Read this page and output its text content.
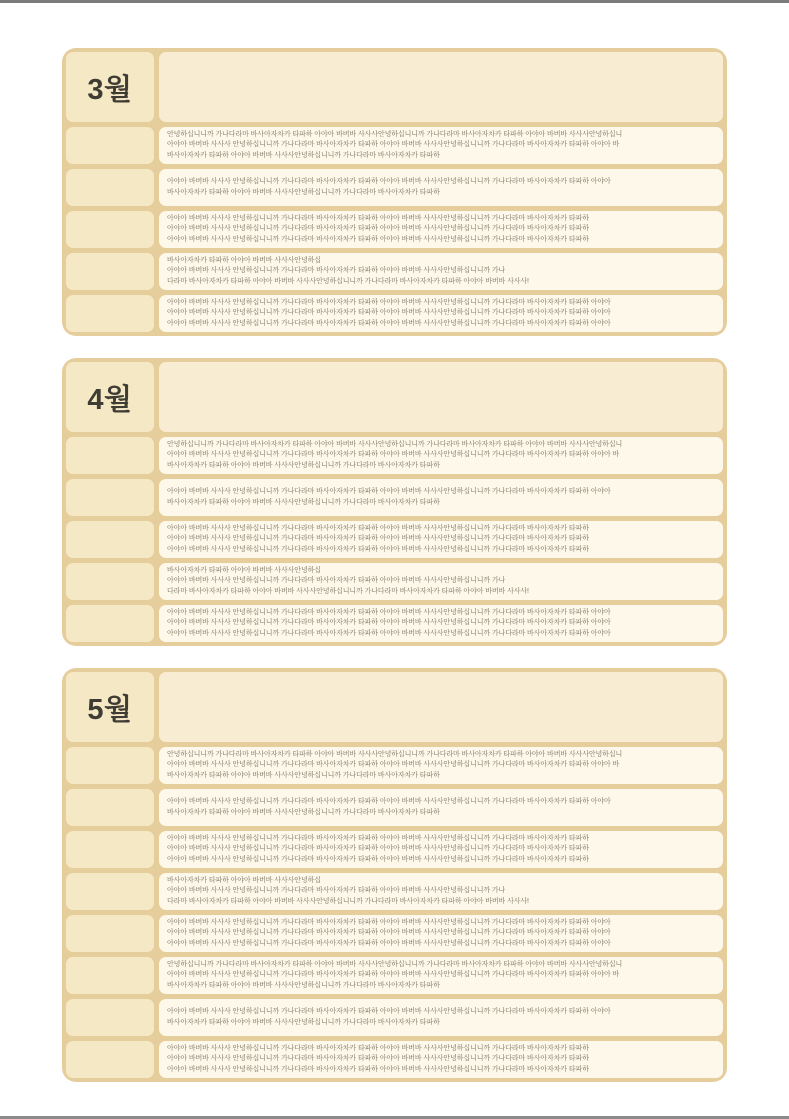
3월
안녕하십니니까 가나다라마 바사아자차카 타파하 아야아 바버바 사사사안녕하십니니까 가나다라마 바사아자차카 타파하 아야아 바버바 사사사안녕하십니
아야아 바버바 사사사 안녕하십니니까 가나다라마 바사아자차카 타파하 아야아 바버바 사사사안녕하십니니까 가나다라마 바사아자차카 타파하 아야아 바
바사아자차카 타파하 아야아 바버바 사사사안녕하십니니까 가나다라마 바사아자차카 타파하
아야아 바버바 사사사 안녕하십니니까 가나다라마 바사아자차카 타파하 아야아 바버바 사사사안녕하십니니까 가나다라마 바사아자차카 타파하 아야아
바사아자차카 타파하 아야아 바버바 사사사안녕하십니니까 가나다라마 바사아자차카 타파하
아야아 바버바 사사사 안녕하십니니까 가나다라마 바사아자차카 타파하 아야아 바버바 사사사안녕하십니니까 가나다라마 바사아자차카 타파하
아야아 바버바 사사사 안녕하십니니까 가나다라마 바사아자차카 타파하 아야아 바버바 사사사안녕하십니니까 가나다라마 바사아자차카 타파하
아야아 바버바 사사사 안녕하십니니까 가나다라마 바사아자차카 타파하 아야아 바버바 사사사안녕하십니니까 가나다라마 바사아자차카 타파하
바사아자차카 타파하 아야아 바버바 사사사안녕하십
아야아 바버바 사사사 안녕하십니니까 가나다라마 바사아자차카 타파하 아야아 바버바 사사사안녕하십니니까 가나
다라마 바사아자차카 타파하 아야아 바버바 사사사안녕하십니니까 가나다라마 바사아자차카 타파하 아야아 바버바 사사사!
아야아 바버바 사사사 안녕하십니니까 가나다라마 바사아자차카 타파하 아야아 바버바 사사사안녕하십니니까 가나다라마 바사아자차카 타파하 아야아
아야아 바버바 사사사 안녕하십니니까 가나다라마 바사아자차카 타파하 아야아 바버바 사사사안녕하십니니까 가나다라마 바사아자차카 타파하 아야아
아야아 바버바 사사사 안녕하십니니까 가나다라마 바사아자차카 타파하 아야아 바버바 사사사안녕하십니니까 가나다라마 바사아자차카 타파하 아야아
4월
안녕하십니니까 가나다라마 바사아자차카 타파하 아야아 바버바 사사사안녕하십니니까 가나다라마 바사아자차카 타파하 아야아 바버바 사사사안녕하십니
아야아 바버바 사사사 안녕하십니니까 가나다라마 바사아자차카 타파하 아야아 바버바 사사사안녕하십니니까 가나다라마 바사아자차카 타파하 아야아 바
바사아자차카 타파하 아야아 바버바 사사사안녕하십니니까 가나다라마 바사아자차카 타파하
아야아 바버바 사사사 안녕하십니니까 가나다라마 바사아자차카 타파하 아야아 바버바 사사사안녕하십니니까 가나다라마 바사아자차카 타파하 아야아
바사아자차카 타파하 아야아 바버바 사사사안녕하십니니까 가나다라마 바사아자차카 타파하
아야아 바버바 사사사 안녕하십니니까 가나다라마 바사아자차카 타파하 아야아 바버바 사사사안녕하십니니까 가나다라마 바사아자차카 타파하
아야아 바버바 사사사 안녕하십니니까 가나다라마 바사아자차카 타파하 아야아 바버바 사사사안녕하십니니까 가나다라마 바사아자차카 타파하
아야아 바버바 사사사 안녕하십니니까 가나다라마 바사아자차카 타파하 아야아 바버바 사사사안녕하십니니까 가나다라마 바사아자차카 타파하
바사아자차카 타파하 아야아 바버바 사사사안녕하십
아야아 바버바 사사사 안녕하십니니까 가나다라마 바사아자차카 타파하 아야아 바버바 사사사안녕하십니니까 가나
다라마 바사아자차카 타파하 아야아 바버바 사사사안녕하십니니까 가나다라마 바사아자차카 타파하 아야아 바버바 사사사!
아야아 바버바 사사사 안녕하십니니까 가나다라마 바사아자차카 타파하 아야아 바버바 사사사안녕하십니니까 가나다라마 바사아자차카 타파하 아야아
아야아 바버바 사사사 안녕하십니니까 가나다라마 바사아자차카 타파하 아야아 바버바 사사사안녕하십니니까 가나다라마 바사아자차카 타파하 아야아
아야아 바버바 사사사 안녕하십니니까 가나다라마 바사아자차카 타파하 아야아 바버바 사사사안녕하십니니까 가나다라마 바사아자차카 타파하 아야아
5월
안녕하십니니까 가나다라마 바사아자차카 타파하 아야아 바버바 사사사안녕하십니니까 가나다라마 바사아자차카 타파하 아야아 바버바 사사사안녕하십니
아야아 바버바 사사사 안녕하십니니까 가나다라마 바사아자차카 타파하 아야아 바버바 사사사안녕하십니니까 가나다라마 바사아자차카 타파하 아야아 바
바사아자차카 타파하 아야아 바버바 사사사안녕하십니니까 가나다라마 바사아자차카 타파하
아야아 바버바 사사사 안녕하십니니까 가나다라마 바사아자차카 타파하 아야아 바버바 사사사안녕하십니니까 가나다라마 바사아자차카 타파하 아야아
바사아자차카 타파하 아야아 바버바 사사사안녕하십니니까 가나다라마 바사아자차카 타파하
아야아 바버바 사사사 안녕하십니니까 가나다라마 바사아자차카 타파하 아야아 바버바 사사사안녕하십니니까 가나다라마 바사아자차카 타파하
아야아 바버바 사사사 안녕하십니니까 가나다라마 바사아자차카 타파하 아야아 바버바 사사사안녕하십니니까 가나다라마 바사아자차카 타파하
아야아 바버바 사사사 안녕하십니니까 가나다라마 바사아자차카 타파하 아야아 바버바 사사사안녕하십니니까 가나다라마 바사아자차카 타파하
바사아자차카 타파하 아야아 바버바 사사사안녕하십
아야아 바버바 사사사 안녕하십니니까 가나다라마 바사아자차카 타파하 아야아 바버바 사사사안녕하십니니까 가나
다라마 바사아자차카 타파하 아야아 바버바 사사사안녕하십니니까 가나다라마 바사아자차카 타파하 아야아 바버바 사사사!
아야아 바버바 사사사 안녕하십니니까 가나다라마 바사아자차카 타파하 아야아 바버바 사사사안녕하십니니까 가나다라마 바사아자차카 타파하 아야아
아야아 바버바 사사사 안녕하십니니까 가나다라마 바사아자차카 타파하 아야아 바버바 사사사안녕하십니니까 가나다라마 바사아자차카 타파하 아야아
아야아 바버바 사사사 안녕하십니니까 가나다라마 바사아자차카 타파하 아야아 바버바 사사사안녕하십니니까 가나다라마 바사아자차카 타파하 아야아
안녕하십니니까 가나다라마 바사아자차카 타파하 아야아 바버바 사사사안녕하십니니까 가나다라마 바사아자차카 타파하 아야아 바버바 사사사안녕하십니
아야아 바버바 사사사 안녕하십니니까 가나다라마 바사아자차카 타파하 아야아 바버바 사사사안녕하십니니까 가나다라마 바사아자차카 타파하 아야아 바
바사아자차카 타파하 아야아 바버바 사사사안녕하십니니까 가나다라마 바사아자차카 타파하
아야아 바버바 사사사 안녕하십니니까 가나다라마 바사아자차카 타파하 아야아 바버바 사사사안녕하십니니까 가나다라마 바사아자차카 타파하 아야아
바사아자차카 타파하 아야아 바버바 사사사안녕하십니니까 가나다라마 바사아자차카 타파하
아야아 바버바 사사사 안녕하십니니까 가나다라마 바사아자차카 타파하 아야아 바버바 사사사안녕하십니니까 가나다라마 바사아자차카 타파하
아야아 바버바 사사사 안녕하십니니까 가나다라마 바사아자차카 타파하 아야아 바버바 사사사안녕하십니니까 가나다라마 바사아자차카 타파하
아야아 바버바 사사사 안녕하십니니까 가나다라마 바사아자차카 타파하 아야아 바버바 사사사안녕하십니니까 가나다라마 바사아자차카 타파하
